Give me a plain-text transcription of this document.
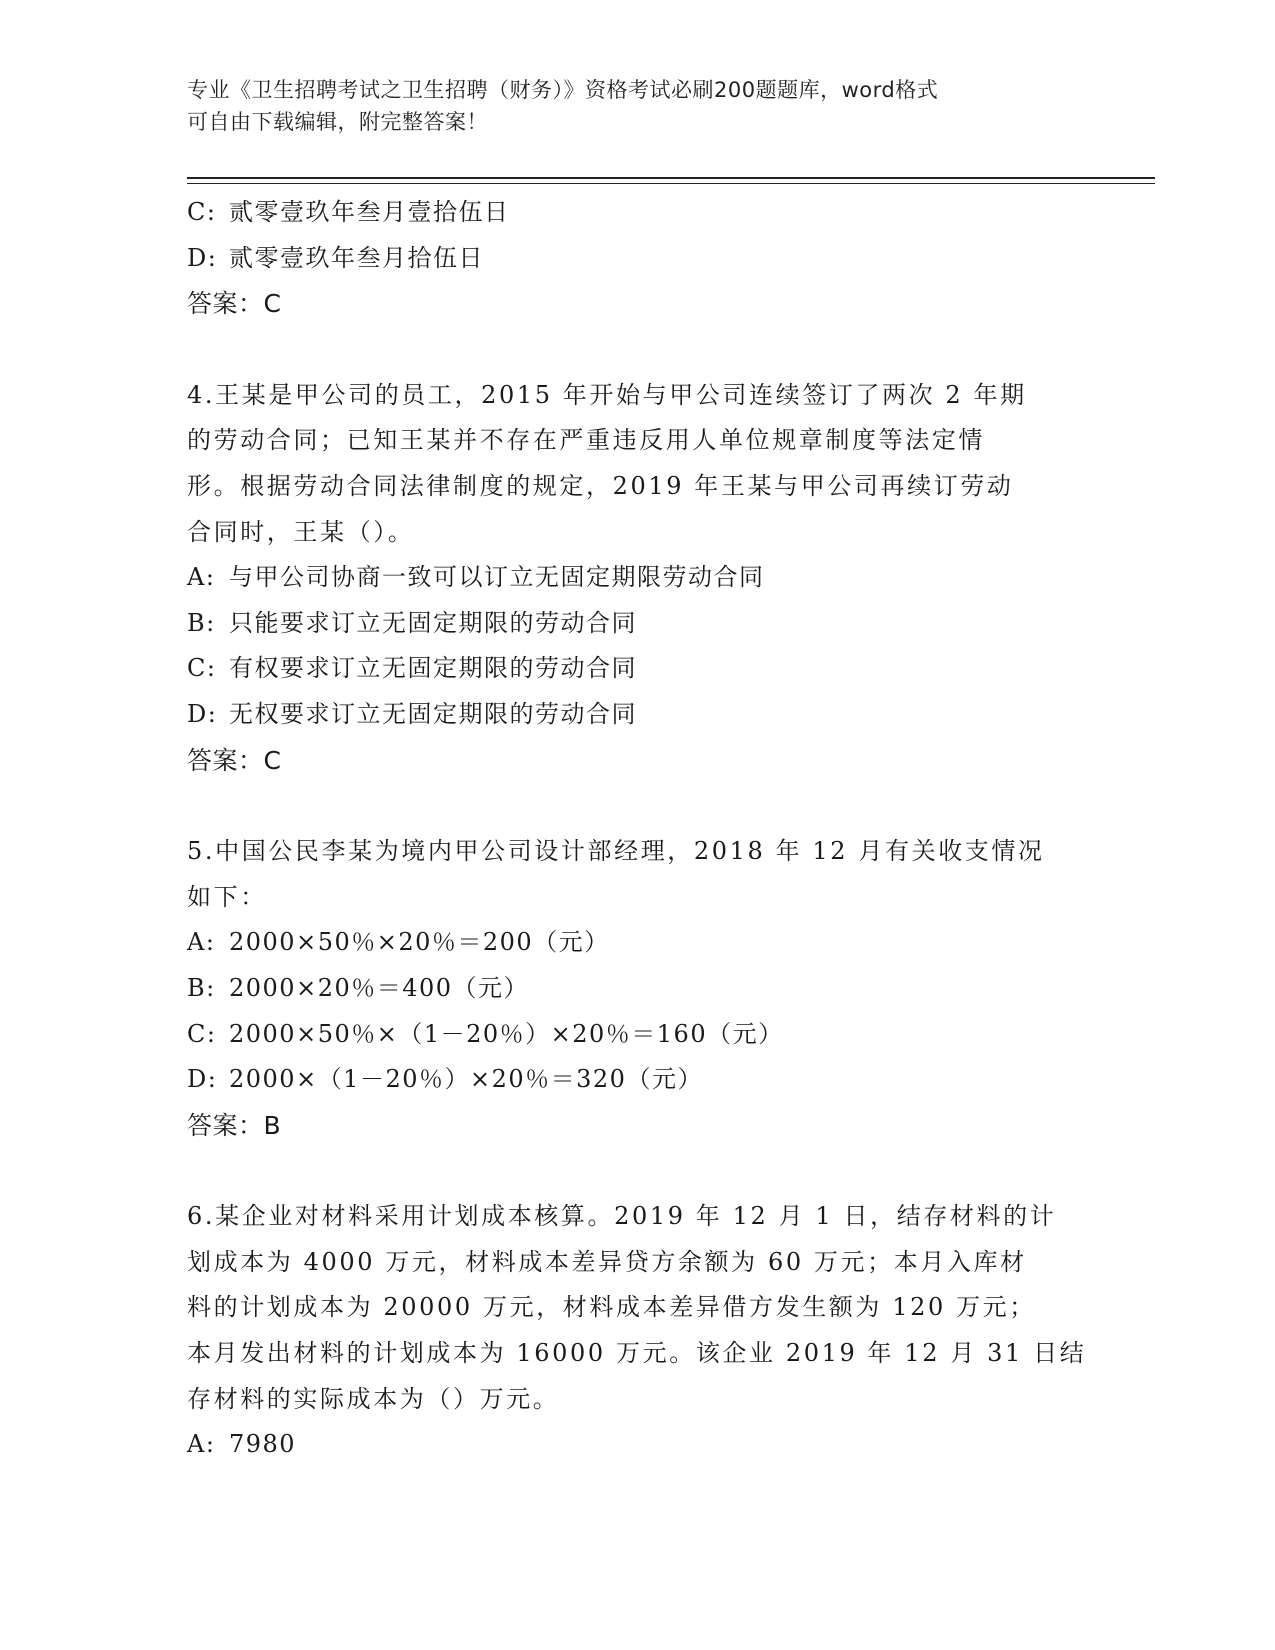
专业《卫生招聘考试之卫生招聘（财务）》资格考试必刷200题题库，word格式
可自由下载编辑，附完整答案！
C: 贰零壹玖年叁月壹拾伍日
D: 贰零壹玖年叁月拾伍日
答案：C
4.王某是甲公司的员工，2015 年开始与甲公司连续签订了两次 2 年期
的劳动合同；已知王某并不存在严重违反用人单位规章制度等法定情
形。根据劳动合同法律制度的规定，2019 年王某与甲公司再续订劳动
合同时，王某（）。
A: 与甲公司协商一致可以订立无固定期限劳动合同
B: 只能要求订立无固定期限的劳动合同
C: 有权要求订立无固定期限的劳动合同
D: 无权要求订立无固定期限的劳动合同
答案：C
5.中国公民李某为境内甲公司设计部经理，2018 年 12 月有关收支情况
如下：
A: 2000×50％×20％＝200（元）
B: 2000×20％＝400（元）
C: 2000×50％×（1－20％）×20％＝160（元）
D: 2000×（1－20％）×20％＝320（元）
答案：B
6.某企业对材料采用计划成本核算。2019 年 12 月 1 日，结存材料的计
划成本为 4000 万元，材料成本差异贷方余额为 60 万元；本月入库材
料的计划成本为 20000 万元，材料成本差异借方发生额为 120 万元；
本月发出材料的计划成本为 16000 万元。该企业 2019 年 12 月 31 日结
存材料的实际成本为（）万元。
A: 7980
